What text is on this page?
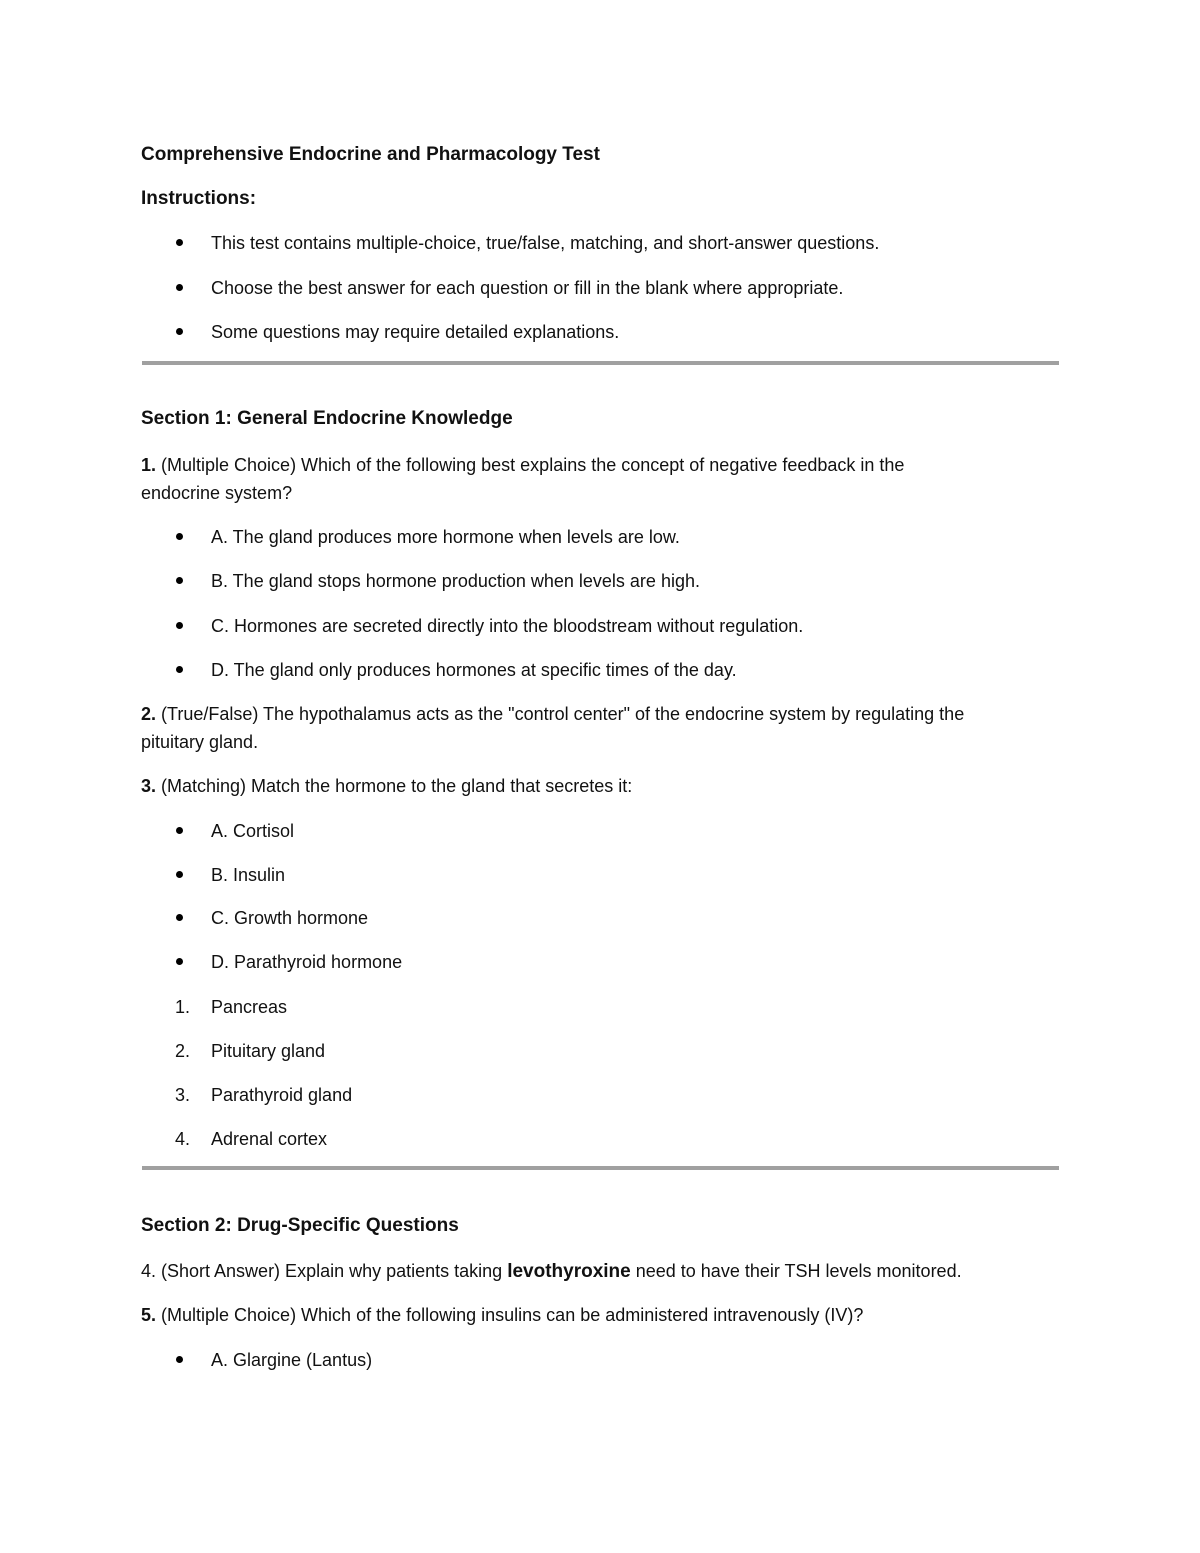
Comprehensive Endocrine and Pharmacology Test
Instructions:
This test contains multiple-choice, true/false, matching, and short-answer questions.
Choose the best answer for each question or fill in the blank where appropriate.
Some questions may require detailed explanations.
Section 1: General Endocrine Knowledge
1. (Multiple Choice) Which of the following best explains the concept of negative feedback in the
endocrine system?
A. The gland produces more hormone when levels are low.
B. The gland stops hormone production when levels are high.
C. Hormones are secreted directly into the bloodstream without regulation.
D. The gland only produces hormones at specific times of the day.
2. (True/False) The hypothalamus acts as the "control center" of the endocrine system by regulating the
pituitary gland.
3. (Matching) Match the hormone to the gland that secretes it:
A. Cortisol
B. Insulin
C. Growth hormone
D. Parathyroid hormone
1. Pancreas
2. Pituitary gland
3. Parathyroid gland
4. Adrenal cortex
Section 2: Drug-Specific Questions
4. (Short Answer) Explain why patients taking levothyroxine need to have their TSH levels monitored.
5. (Multiple Choice) Which of the following insulins can be administered intravenously (IV)?
A. Glargine (Lantus)
